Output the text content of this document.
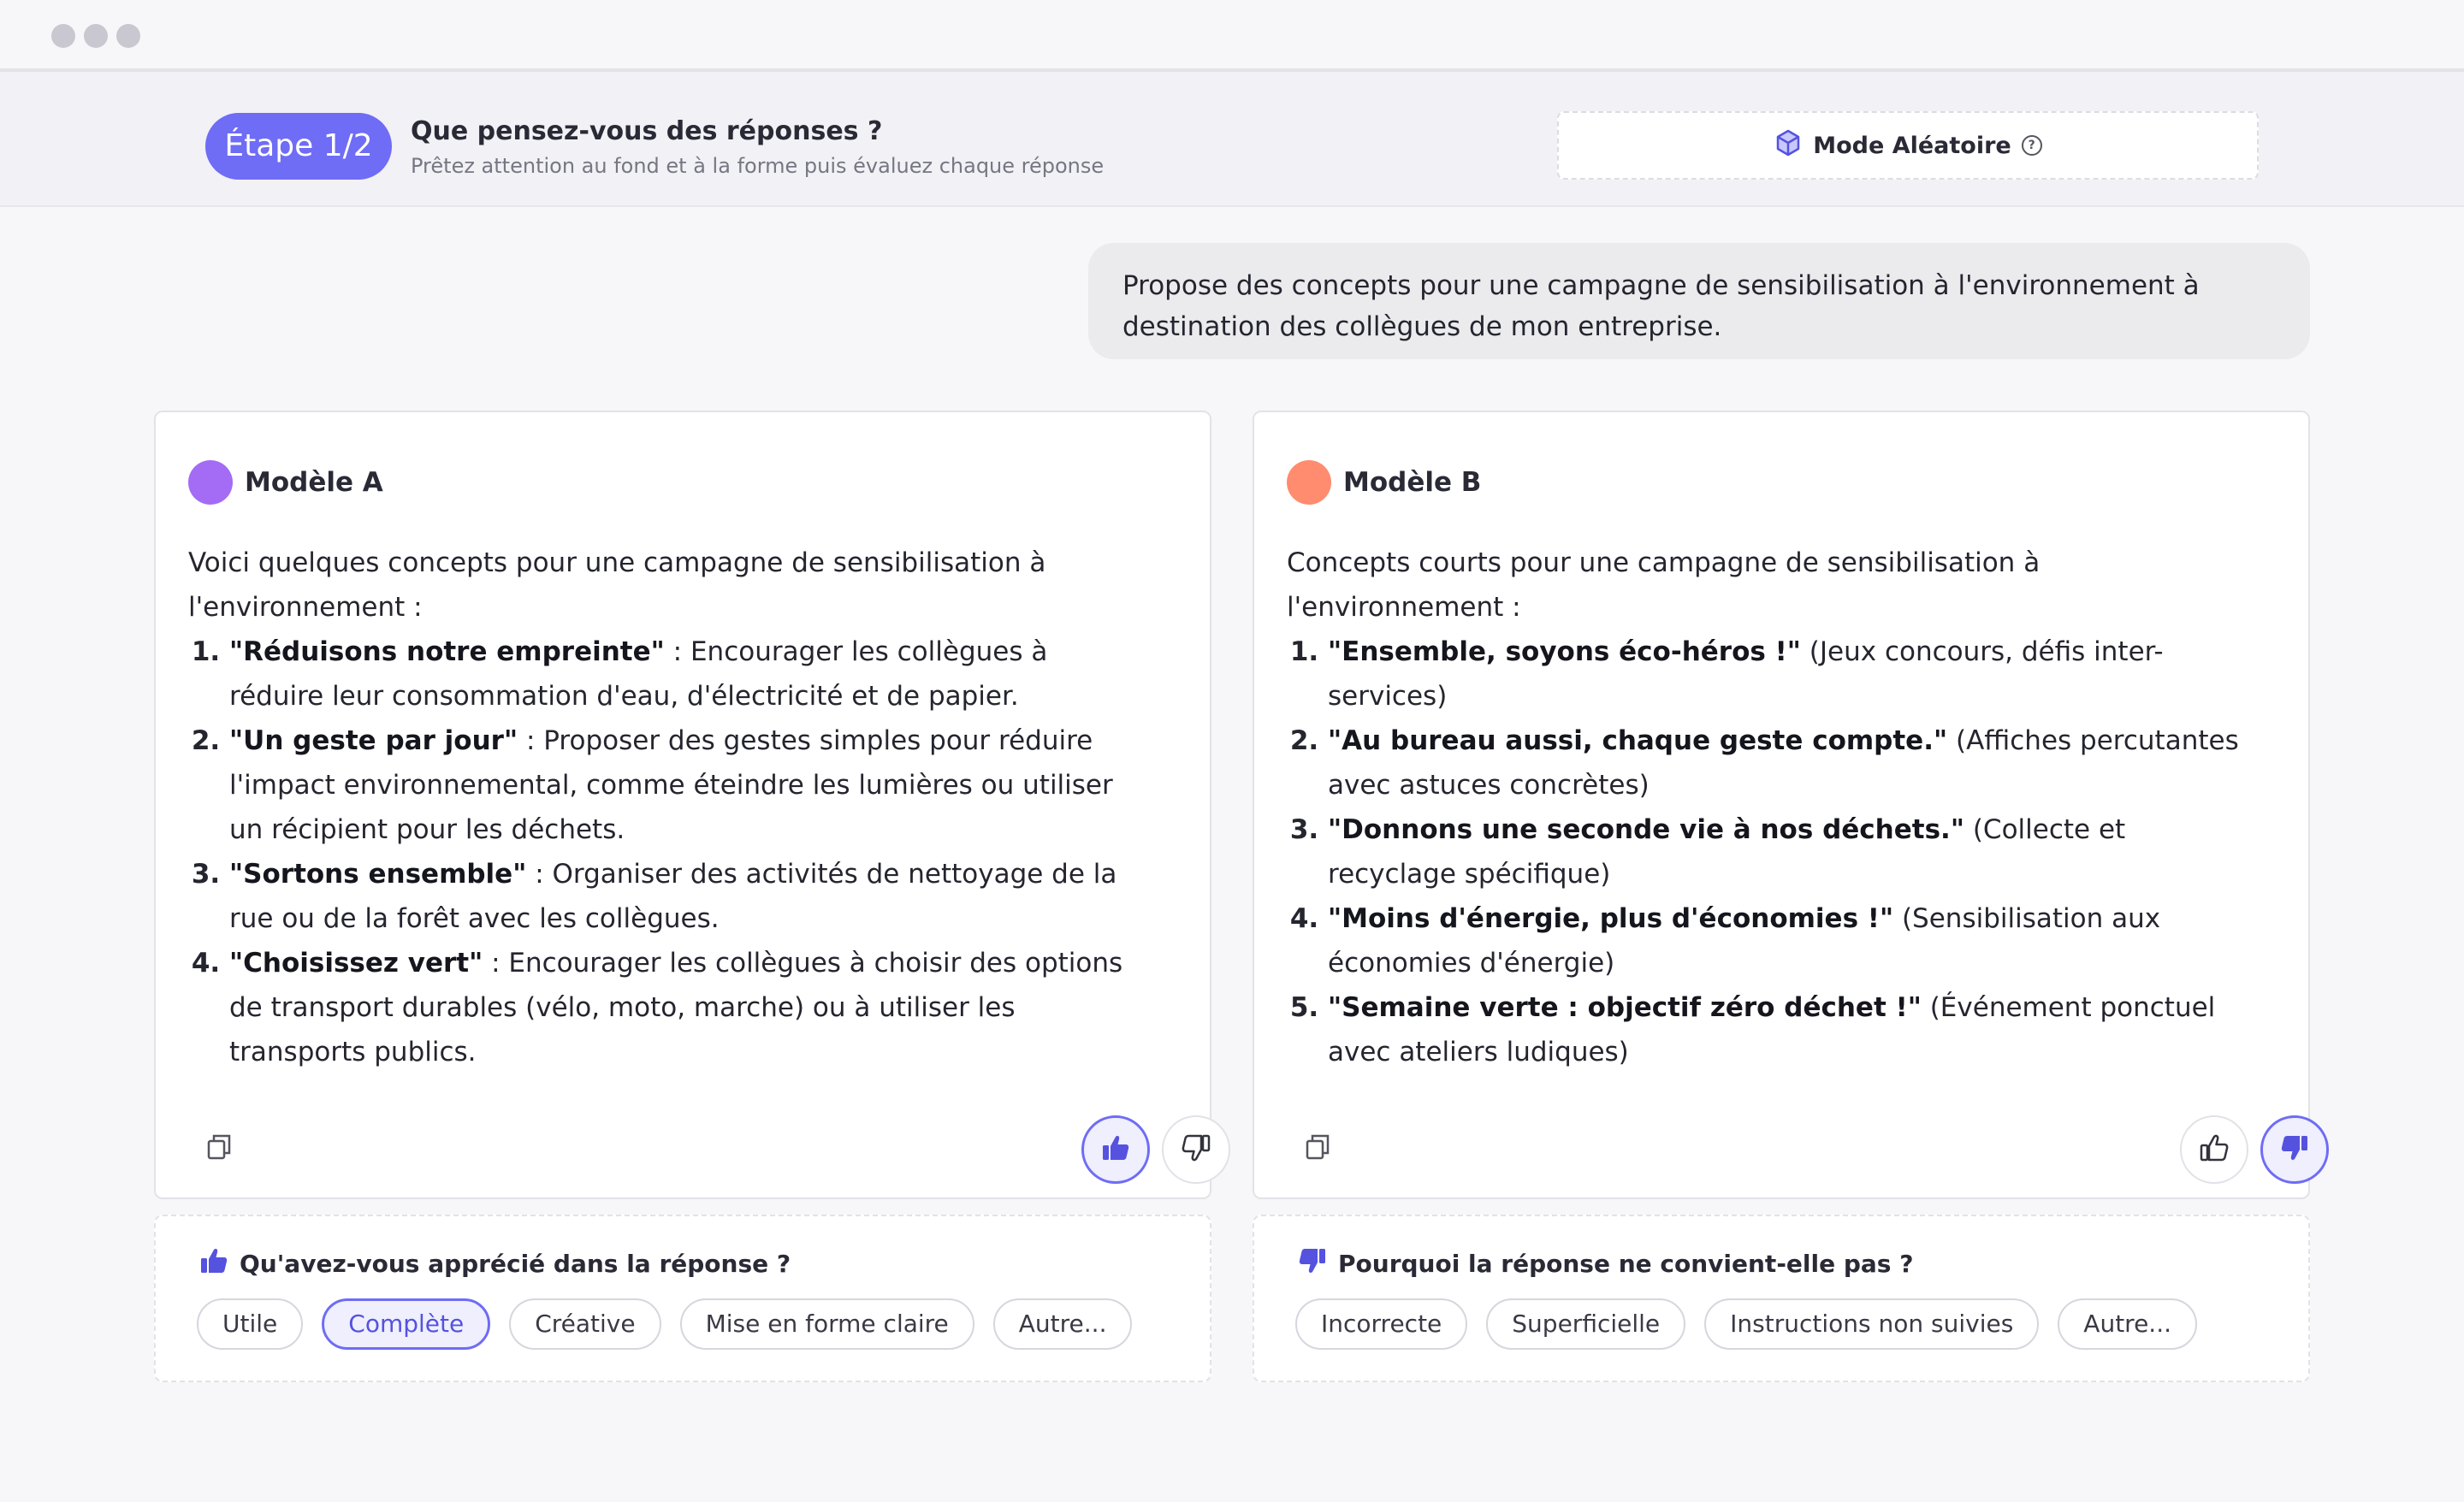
Étape 1/2	Que pensez-vous des réponses ?
Prêtez attention au fond et à la forme puis évaluez chaque réponse
Mode Aléatoire	?
Propose des concepts pour une campagne de sensibilisation à l'environnement à destination des collègues de mon entreprise.
Modèle A

Voici quelques concepts pour une campagne de sensibilisation à l'environnement :

1. "Réduisons notre empreinte" : Encourager les collègues à réduire leur consommation d'eau, d'électricité et de papier.
2. "Un geste par jour" : Proposer des gestes simples pour réduire l'impact environnemental, comme éteindre les lumières ou utiliser un récipient pour les déchets.
3. "Sortons ensemble" : Organiser des activités de nettoyage de la rue ou de la forêt avec les collègues.
4. "Choisissez vert" : Encourager les collègues à choisir des options de transport durables (vélo, moto, marche) ou à utiliser les transports publics.
Modèle B

Concepts courts pour une campagne de sensibilisation à l'environnement :

1. "Ensemble, soyons éco-héros !" (Jeux concours, défis inter-services)
2. "Au bureau aussi, chaque geste compte." (Affiches percutantes avec astuces concrètes)
3. "Donnons une seconde vie à nos déchets." (Collecte et recyclage spécifique)
4. "Moins d'énergie, plus d'économies !" (Sensibilisation aux économies d'énergie)
5. "Semaine verte : objectif zéro déchet !" (Événement ponctuel avec ateliers ludiques)
Qu'avez-vous apprécié dans la réponse ?
Utile	Complète	Créative	Mise en forme claire	Autre...
Pourquoi la réponse ne convient-elle pas ?
Incorrecte	Superficielle	Instructions non suivies	Autre...
